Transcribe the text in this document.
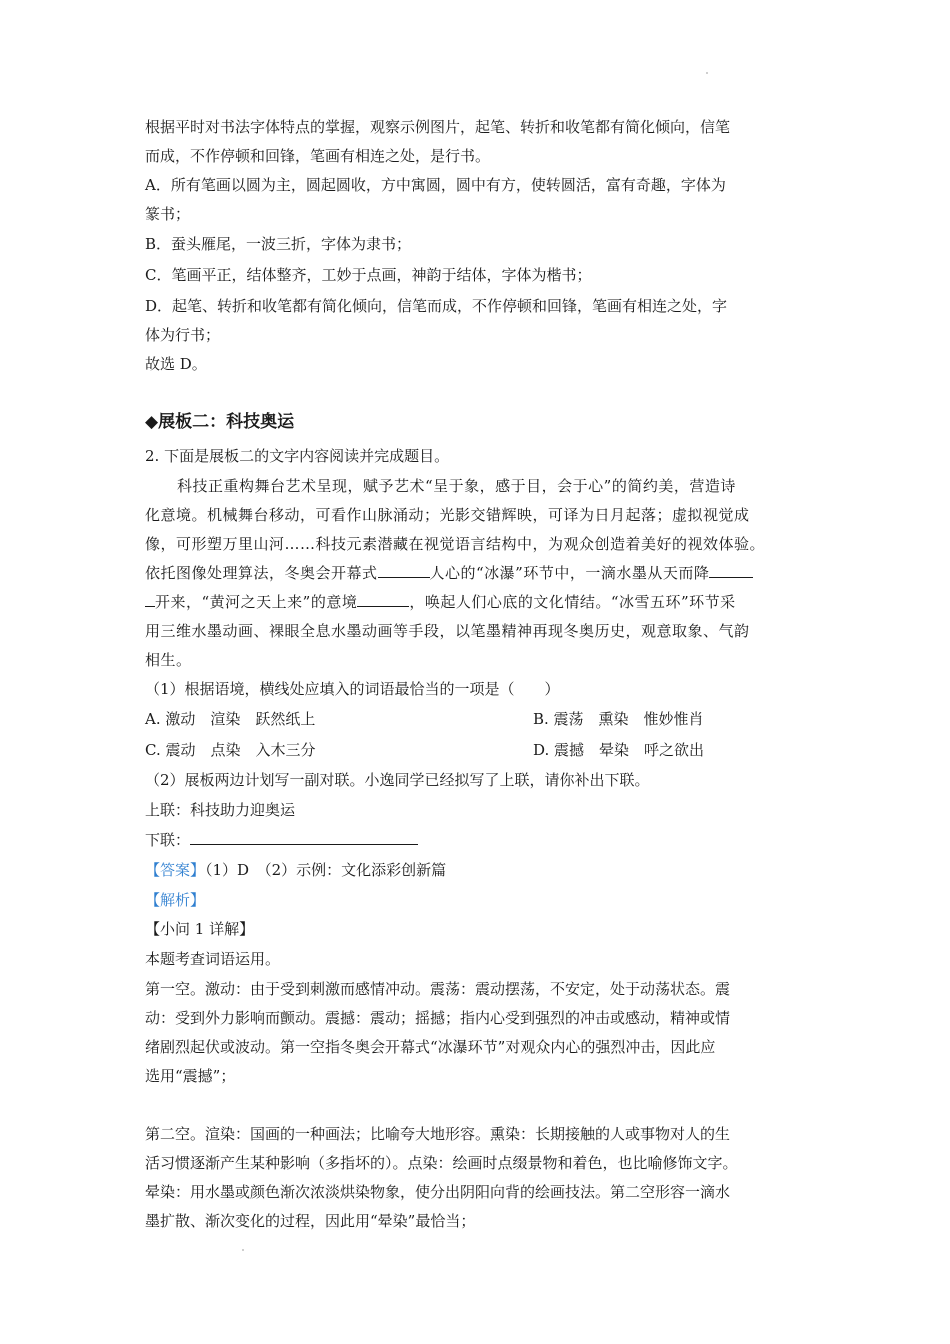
根据平时对书法字体特点的掌握，观察示例图片，起笔、转折和收笔都有简化倾向，信笔
而成，不作停顿和回锋，笔画有相连之处，是行书。
A．所有笔画以圆为主，圆起圆收，方中寓圆，圆中有方，使转圆活，富有奇趣，字体为
篆书；
B．蚕头雁尾，一波三折，字体为隶书；
C．笔画平正，结体整齐，工妙于点画，神韵于结体，字体为楷书；
D．起笔、转折和收笔都有简化倾向，信笔而成，不作停顿和回锋，笔画有相连之处，字
体为行书；
故选 D。
◆展板二：科技奥运
2. 下面是展板二的文字内容阅读并完成题目。
科技正重构舞台艺术呈现，赋予艺术“呈于象，感于目，会于心”的简约美，营造诗
化意境。机械舞台移动，可看作山脉涌动；光影交错辉映，可译为日月起落；虚拟视觉成
像，可形塑万里山河……科技元素潜藏在视觉语言结构中，为观众创造着美好的视效体验。
依托图像处理算法，冬奥会开幕式	人心的“冰瀑”环节中，一滴水墨从天而降
开来，“黄河之天上来”的意境	，唤起人们心底的文化情结。“冰雪五环”环节采
用三维水墨动画、裸眼全息水墨动画等手段，以笔墨精神再现冬奥历史，观意取象、气韵
相生。
（1）根据语境，横线处应填入的词语最恰当的一项是（　　）
A. 激动　渲染　跃然纸上	B. 震荡　熏染　惟妙惟肖
C. 震动　点染　入木三分	D. 震撼　晕染　呼之欲出
（2）展板两边计划写一副对联。小逸同学已经拟写了上联，请你补出下联。
上联：科技助力迎奥运
下联：
【答案】（1）D　（2）示例：文化添彩创新篇
【解析】
【小问 1 详解】
本题考查词语运用。
第一空。激动：由于受到刺激而感情冲动。震荡：震动摆荡，不安定，处于动荡状态。震
动：受到外力影响而颤动。震撼：震动；摇撼；指内心受到强烈的冲击或感动，精神或情
绪剧烈起伏或波动。第一空指冬奥会开幕式“冰瀑环节”对观众内心的强烈冲击，因此应
选用“震撼”；
第二空。渲染：国画的一种画法；比喻夸大地形容。熏染：长期接触的人或事物对人的生
活习惯逐渐产生某种影响（多指坏的）。点染：绘画时点缀景物和着色，也比喻修饰文字。
晕染：用水墨或颜色渐次浓淡烘染物象，使分出阴阳向背的绘画技法。第二空形容一滴水
墨扩散、渐次变化的过程，因此用“晕染”最恰当；
